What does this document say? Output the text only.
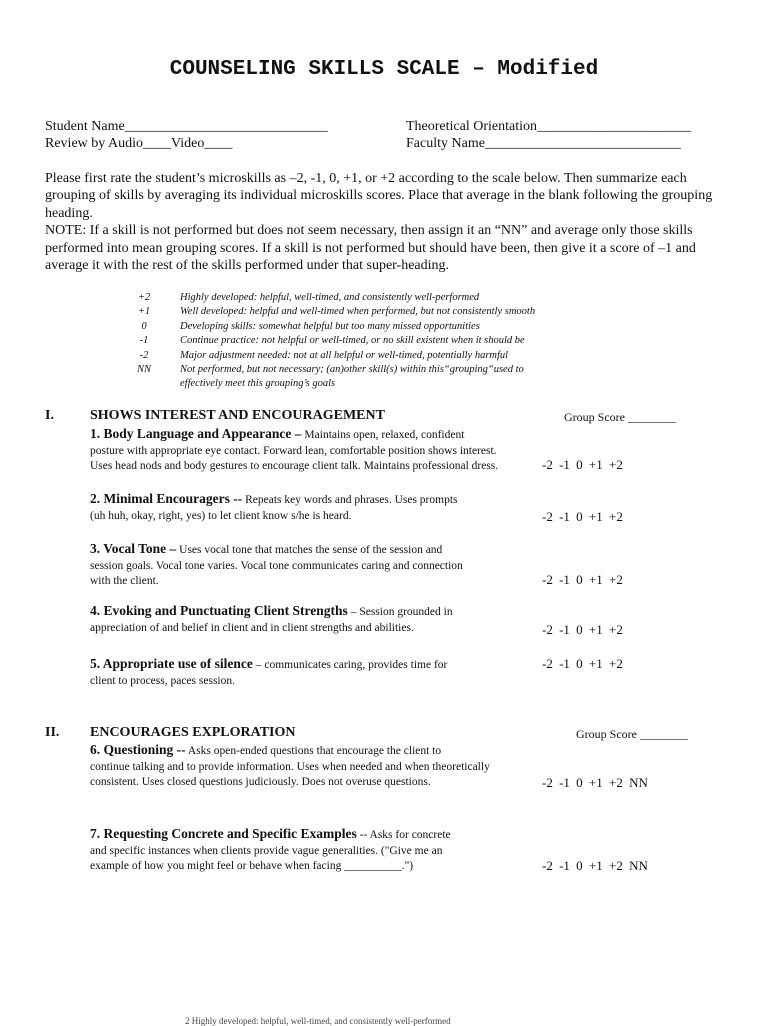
COUNSELING SKILLS SCALE – Modified
Student Name_____________________________	Theoretical Orientation______________________
Review by Audio____Video____	Faculty Name____________________________

Please first rate the student’s microskills as –2, -1, 0, +1, or +2 according to the scale below. Then summarize each grouping of skills by averaging its individual microskills scores. Place that average in the blank following the grouping heading.

NOTE: If a skill is not performed but does not seem necessary, then assign it an “NN” and average only those skills performed into mean grouping scores. If a skill is not performed but should have been, then give it a score of –1 and average it with the rest of the skills performed under that super-heading.

+2	Highly developed: helpful, well-timed, and consistently well-performed
+1	Well developed: helpful and well-timed when performed, but not consistently smooth
0	Developing skills: somewhat helpful but too many missed opportunities
-1	Continue practice: not helpful or well-timed, or no skill existent when it should be
-2	Major adjustment needed: not at all helpful or well-timed, potentially harmful
NN	Not performed, but not necessary; (an)other skill(s) within this“grouping“used to
effectively meet this grouping’s goals
I.	SHOWS INTEREST AND ENCOURAGEMENT	Group Score ________
1. Body Language and Appearance – Maintains open, relaxed, confident
posture with appropriate eye contact. Forward lean, comfortable position shows interest.
Uses head nods and body gestures to encourage client talk. Maintains professional dress.	-2 -1 0 +1 +2
2. Minimal Encouragers -- Repeats key words and phrases. Uses prompts
(uh huh, okay, right, yes) to let client know s/he is heard.	-2 -1 0 +1 +2
3. Vocal Tone – Uses vocal tone that matches the sense of the session and
session goals. Vocal tone varies. Vocal tone communicates caring and connection
with the client.	-2 -1 0 +1 +2
4. Evoking and Punctuating Client Strengths – Session grounded in
appreciation of and belief in client and in client strengths and abilities.	-2 -1 0 +1 +2
5. Appropriate use of silence – communicates caring, provides time for
client to process, paces session.
-2 -1 0 +1 +2
II. ENCOURAGES EXPLORATION	Group Score ________
6. Questioning -- Asks open-ended questions that encourage the client to
continue talking and to provide information. Uses when needed and when theoretically
consistent. Uses closed questions judiciously. Does not overuse questions.	-2 -1 0 +1 +2 NN
7. Requesting Concrete and Specific Examples -- Asks for concrete
and specific instances when clients provide vague generalities. ("Give me an
example of how you might feel or behave when facing __________.")	-2 -1 0 +1 +2 NN
2 Highly developed: helpful, well-timed, and consistently well-performed
